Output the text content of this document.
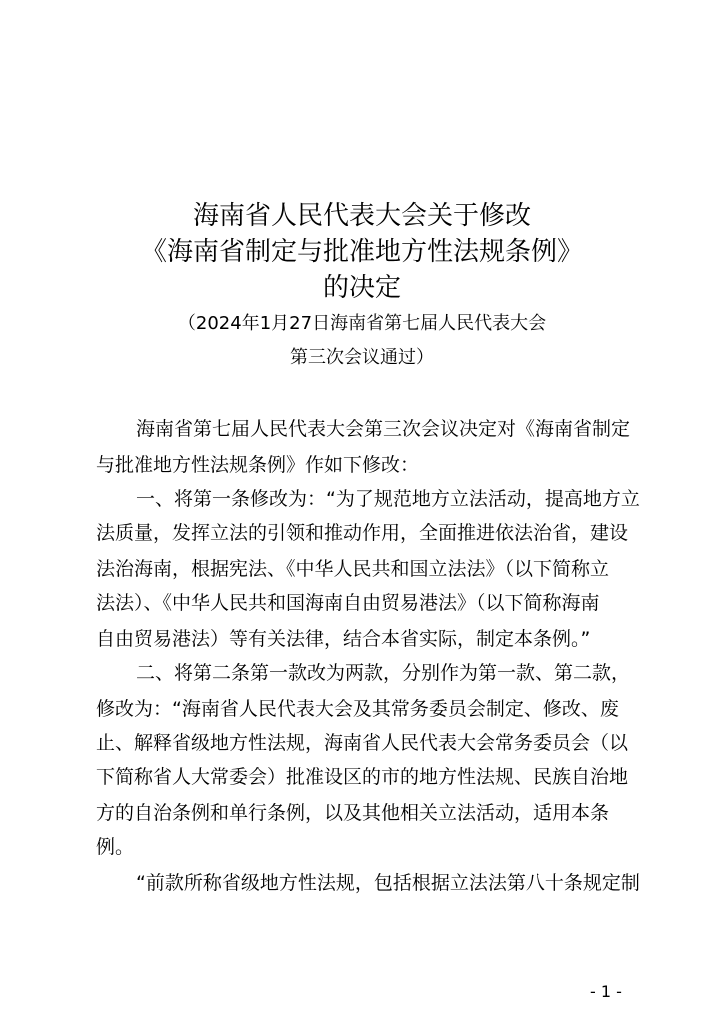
海南省人民代表大会关于修改
《海南省制定与批准地方性法规条例》
的决定
（2024年1月27日海南省第七届人民代表大会
第三次会议通过）
海南省第七届人民代表大会第三次会议决定对《海南省制定
与批准地方性法规条例》作如下修改：
一、将第一条修改为：“为了规范地方立法活动，提高地方立
法质量，发挥立法的引领和推动作用，全面推进依法治省，建设
法治海南，根据宪法、《中华人民共和国立法法》（以下简称立
法法）、《中华人民共和国海南自由贸易港法》（以下简称海南
自由贸易港法）等有关法律，结合本省实际，制定本条例。”
二、将第二条第一款改为两款，分别作为第一款、第二款，
修改为：“海南省人民代表大会及其常务委员会制定、修改、废
止、解释省级地方性法规，海南省人民代表大会常务委员会（以
下简称省人大常委会）批准设区的市的地方性法规、民族自治地
方的自治条例和单行条例，以及其他相关立法活动，适用本条
例。
“前款所称省级地方性法规，包括根据立法法第八十条规定制
- 1 -
